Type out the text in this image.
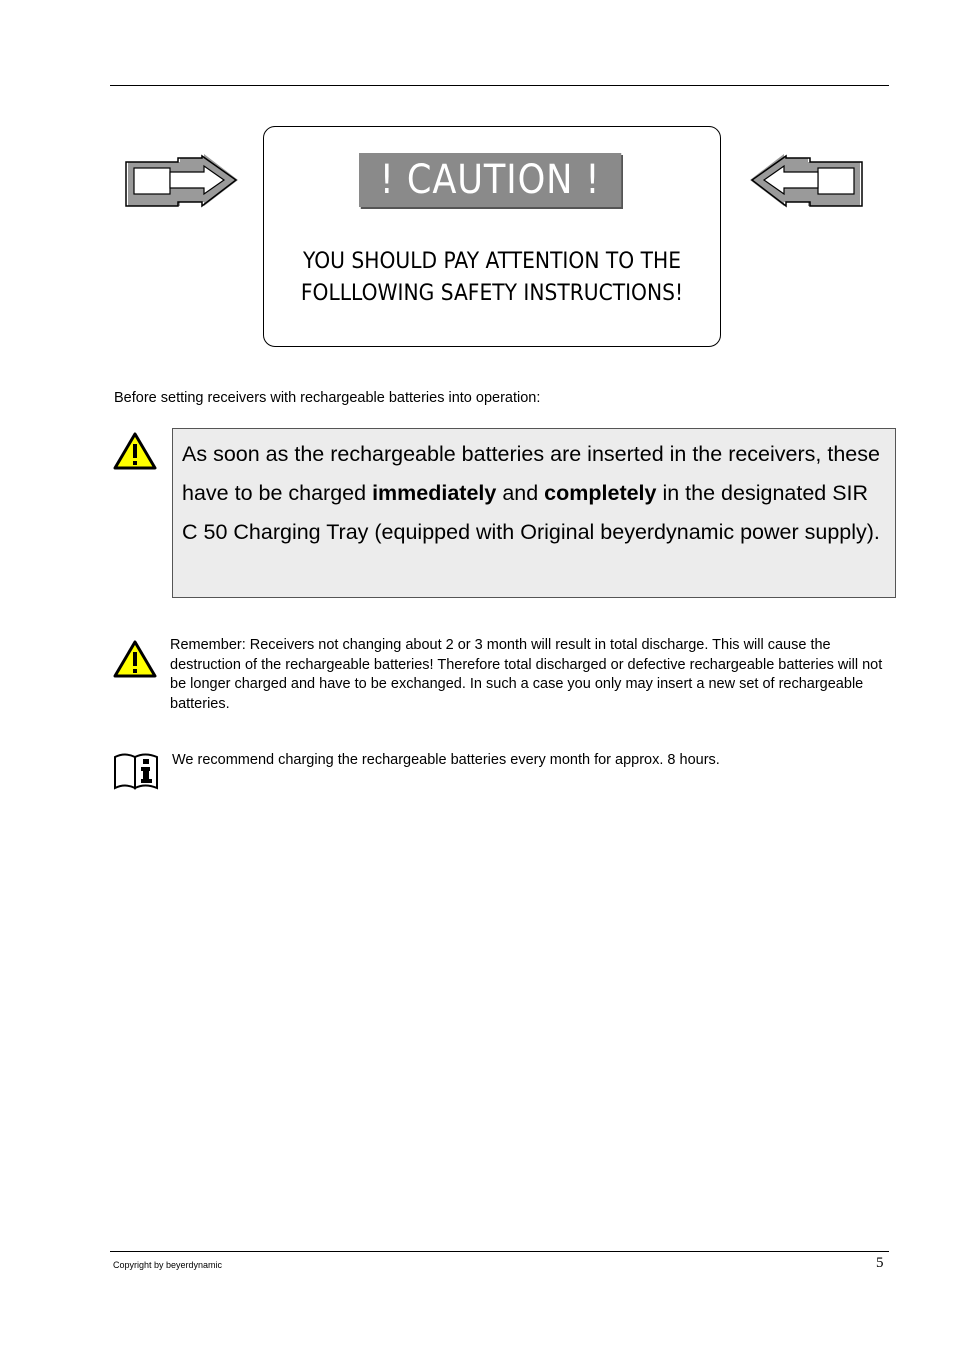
! CAUTION !
YOU SHOULD PAY ATTENTION TO THE
FOLLLOWING SAFETY INSTRUCTIONS!
Before setting receivers with rechargeable batteries into operation:
As soon as the rechargeable batteries are inserted in the receivers, these have to be charged immediately and completely in the designated SIR C 50 Charging Tray (equipped with Original beyerdynamic power supply).
Remember: Receivers not changing about 2 or 3 month will result in total discharge. This will cause the destruction of the rechargeable batteries! Therefore total discharged or defective rechargeable batteries will not be longer charged and have to be exchanged. In such a case you only may insert a new set of rechargeable batteries.
We recommend charging the rechargeable batteries every month for approx. 8 hours.
Copyright by beyerdynamic	5
